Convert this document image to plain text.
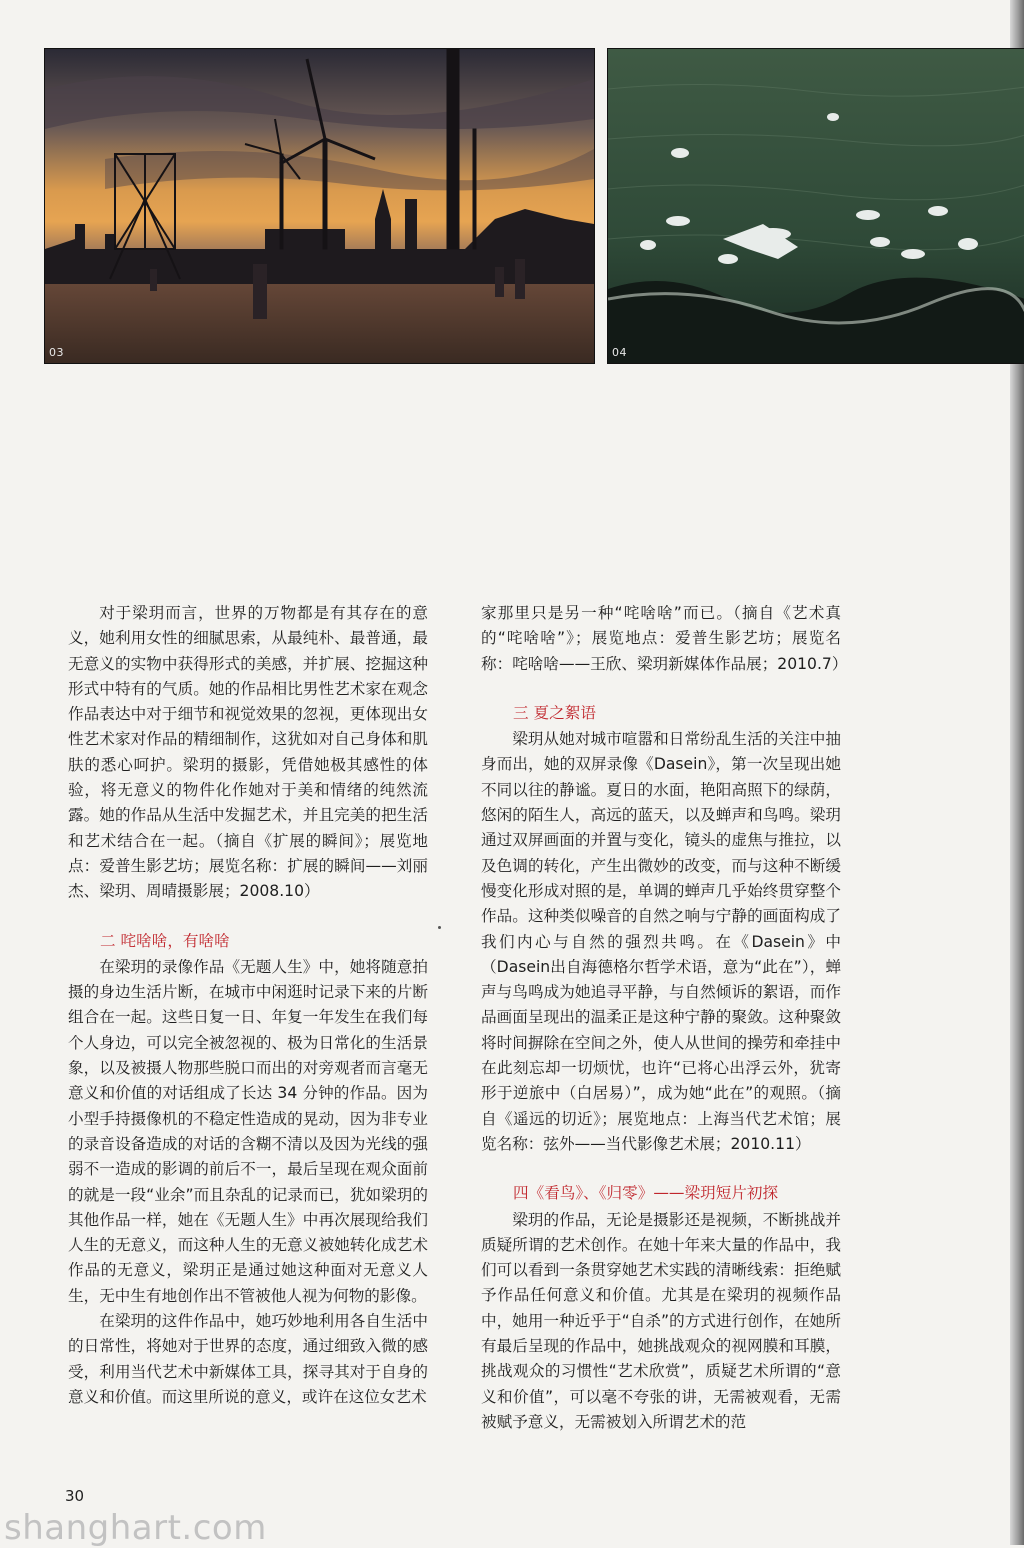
03	04

对于梁玥而言，世界的万物都是有其存在的意义，她利用女性的细腻思索，从最纯朴、最普通，最无意义的实物中获得形式的美感，并扩展、挖掘这种形式中特有的气质。她的作品相比男性艺术家在观念作品表达中对于细节和视觉效果的忽视，更体现出女性艺术家对作品的精细制作，这犹如对自己身体和肌肤的悉心呵护。梁玥的摄影，凭借她极其感性的体验，将无意义的物件化作她对于美和情绪的纯然流露。她的作品从生活中发掘艺术，并且完美的把生活和艺术结合在一起。（摘自《扩展的瞬间》；展览地点：爱普生影艺坊；展览名称：扩展的瞬间——刘丽杰、梁玥、周晴摄影展；2008.10）

二 咤啥啥，有啥啥

在梁玥的录像作品《无题人生》中，她将随意拍摄的身边生活片断，在城市中闲逛时记录下来的片断组合在一起。这些日复一日、年复一年发生在我们每个人身边，可以完全被忽视的、极为日常化的生活景象，以及被摄人物那些脱口而出的对旁观者而言毫无意义和价值的对话组成了长达 34 分钟的作品。因为小型手持摄像机的不稳定性造成的晃动，因为非专业的录音设备造成的对话的含糊不清以及因为光线的强弱不一造成的影调的前后不一，最后呈现在观众面前的就是一段“业余”而且杂乱的记录而已，犹如梁玥的其他作品一样，她在《无题人生》中再次展现给我们人生的无意义，而这种人生的无意义被她转化成艺术作品的无意义，梁玥正是通过她这种面对无意义人生，无中生有地创作出不管被他人视为何物的影像。

在梁玥的这件作品中，她巧妙地利用各自生活中的日常性，将她对于世界的态度，通过细致入微的感受，利用当代艺术中新媒体工具，探寻其对于自身的意义和价值。而这里所说的意义，或许在这位女艺术

家那里只是另一种“咤啥啥”而已。（摘自《艺术真的“咤啥啥”》；展览地点：爱普生影艺坊；展览名称：咤啥啥——王欣、梁玥新媒体作品展；2010.7）

三 夏之絮语

梁玥从她对城市喧嚣和日常纷乱生活的关注中抽身而出，她的双屏录像《Dasein》，第一次呈现出她不同以往的静谧。夏日的水面，艳阳高照下的绿荫，悠闲的陌生人，高远的蓝天，以及蝉声和鸟鸣。梁玥通过双屏画面的并置与变化，镜头的虚焦与推拉，以及色调的转化，产生出微妙的改变，而与这种不断缓慢变化形成对照的是，单调的蝉声几乎始终贯穿整个作品。这种类似噪音的自然之响与宁静的画面构成了我们内心与自然的强烈共鸣。在《Dasein》中（Dasein出自海德格尔哲学术语，意为“此在”），蝉声与鸟鸣成为她追寻平静，与自然倾诉的絮语，而作品画面呈现出的温柔正是这种宁静的聚敛。这种聚敛将时间摒除在空间之外，使人从世间的操劳和牵挂中在此刻忘却一切烦忧，也许“已将心出浮云外，犹寄形于逆旅中（白居易）”，成为她“此在”的观照。（摘自《遥远的切近》；展览地点：上海当代艺术馆；展览名称：弦外——当代影像艺术展；2010.11）

四《看鸟》、《归零》——梁玥短片初探

梁玥的作品，无论是摄影还是视频，不断挑战并质疑所谓的艺术创作。在她十年来大量的作品中，我们可以看到一条贯穿她艺术实践的清晰线索：拒绝赋予作品任何意义和价值。尤其是在梁玥的视频作品中，她用一种近乎于“自杀”的方式进行创作，在她所有最后呈现的作品中，她挑战观众的视网膜和耳膜，挑战观众的习惯性“艺术欣赏”，质疑艺术所谓的“意义和价值”，可以毫不夸张的讲，无需被观看，无需被赋予意义，无需被划入所谓艺术的范

30
shanghart.com
